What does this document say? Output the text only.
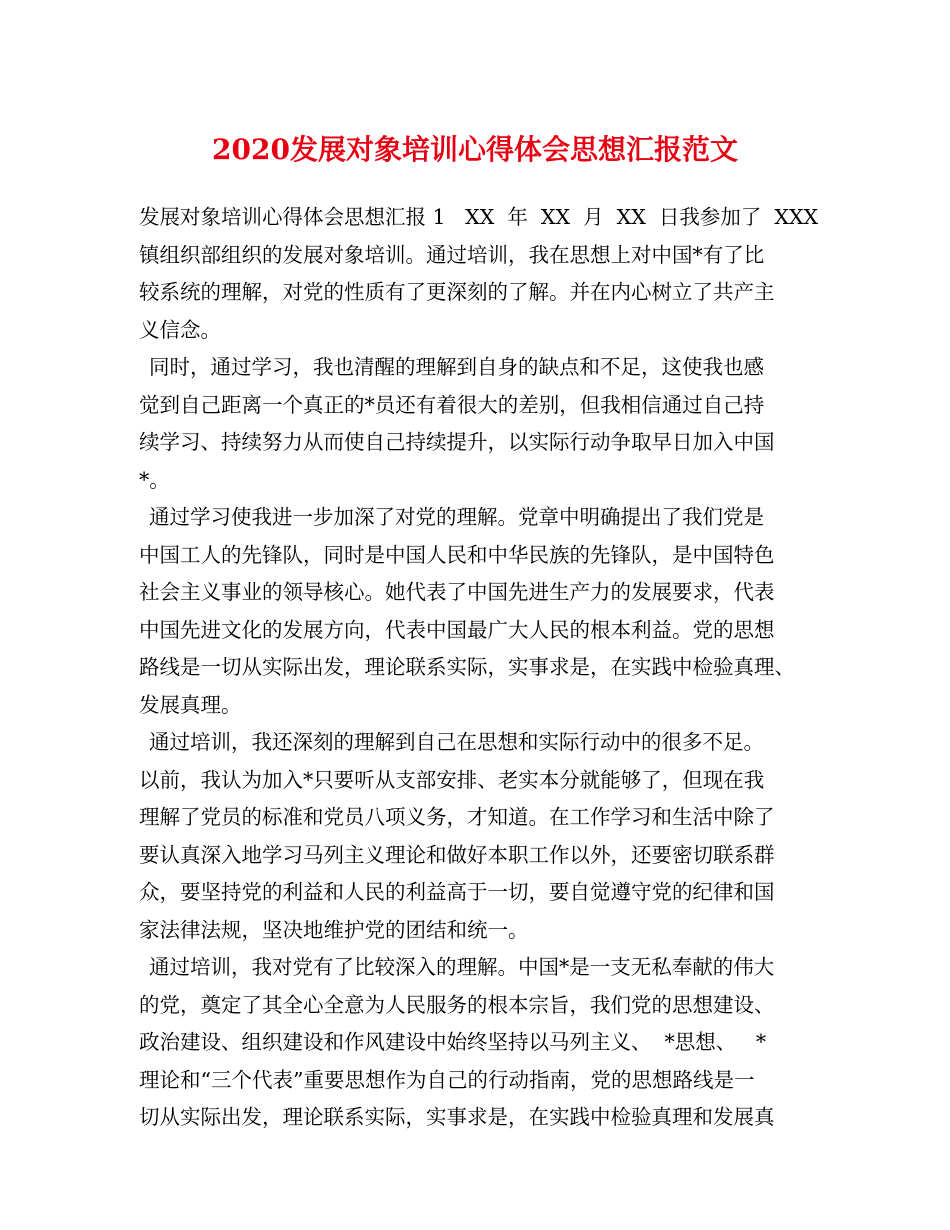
2020发展对象培训心得体会思想汇报范文
发展对象培训心得体会思想汇报 1   XX  年  XX  月  XX  日我参加了  XXX
镇组织部组织的发展对象培训。通过培训，我在思想上对中国*有了比
较系统的理解，对党的性质有了更深刻的了解。并在内心树立了共产主
义信念。
同时，通过学习，我也清醒的理解到自身的缺点和不足，这使我也感
觉到自己距离一个真正的*员还有着很大的差别，但我相信通过自己持
续学习、持续努力从而使自己持续提升，以实际行动争取早日加入中国
*。
通过学习使我进一步加深了对党的理解。党章中明确提出了我们党是
中国工人的先锋队，同时是中国人民和中华民族的先锋队，是中国特色
社会主义事业的领导核心。她代表了中国先进生产力的发展要求，代表
中国先进文化的发展方向，代表中国最广大人民的根本利益。党的思想
路线是一切从实际出发，理论联系实际，实事求是，在实践中检验真理、
发展真理。
通过培训，我还深刻的理解到自己在思想和实际行动中的很多不足。
以前，我认为加入*只要听从支部安排、老实本分就能够了，但现在我
理解了党员的标准和党员八项义务，才知道。在工作学习和生活中除了
要认真深入地学习马列主义理论和做好本职工作以外，还要密切联系群
众，要坚持党的利益和人民的利益高于一切，要自觉遵守党的纪律和国
家法律法规，坚决地维护党的团结和统一。
通过培训，我对党有了比较深入的理解。中国*是一支无私奉献的伟大
的党，奠定了其全心全意为人民服务的根本宗旨，我们党的思想建设、
政治建设、组织建设和作风建设中始终坚持以马列主义、  *思想、   *
理论和“三个代表”重要思想作为自己的行动指南，党的思想路线是一
切从实际出发，理论联系实际，实事求是，在实践中检验真理和发展真
